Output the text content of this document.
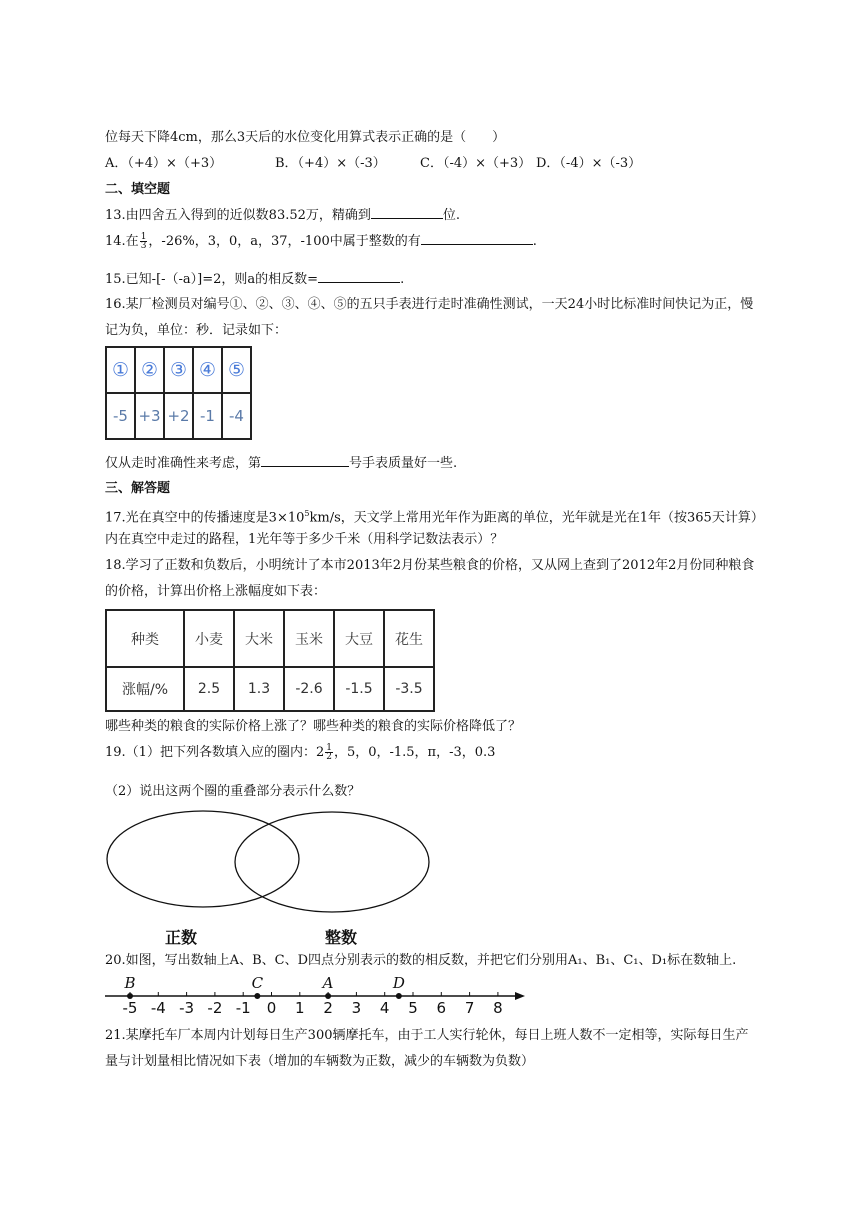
位每天下降4cm，那么3天后的水位变化用算式表示正确的是（　　）
A．（+4）×（+3）	B．（+4）×（-3）	C．（-4）×（+3） D．（-4）×（-3）
二、填空题
13.由四舍五入得到的近似数83.52万，精确到	位.
14.在 $\frac{1}{3}$ ，-26%，3，0，a，37，-100中属于整数的有	.
15.已知-[-（-a）]=2，则a的相反数=	.
16.某厂检测员对编号①、②、③、④、⑤的五只手表进行走时准确性测试，一天24小时比标准时间快记为正，慢
记为负，单位：秒．记录如下：
①	②	③	④	⑤
-5	+3	+2	-1	-4
仅从走时准确性来考虑，第	号手表质量好一些.
三、解答题
17.光在真空中的传播速度是$3\times 10^5km/s$，天文学上常用光年作为距离的单位，光年就是光在1年（按365天计算）
内在真空中走过的路程，1光年等于多少千米（用科学记数法表示）？
18.学习了正数和负数后，小明统计了本市2013年2月份某些粮食的价格，又从网上查到了2012年2月份同种粮食
的价格，计算出价格上涨幅度如下表：
种类	小麦	大米	玉米	大豆	花生
涨幅/%	2.5	1.3	-2.6	-1.5	-3.5
哪些种类的粮食的实际价格上涨了？哪些种类的粮食的实际价格降低了？
19.（1）把下列各数填入应的圈内：$2 \frac{1}{2}$ ，5，0，-1.5，π，-3，0.3
（2）说出这两个圈的重叠部分表示什么数？
正数	整数
20.如图，写出数轴上A、B、C、D四点分别表示的数的相反数，并把它们分别用A₁、B₁、C₁、D₁标在数轴上.
-5 -4 -3 -2 -1 0 1 2 3 4 5 6 7 8
B	C	A	D
21.某摩托车厂本周内计划每日生产300辆摩托车，由于工人实行轮休，每日上班人数不一定相等，实际每日生产
量与计划量相比情况如下表（增加的车辆数为正数，减少的车辆数为负数）
